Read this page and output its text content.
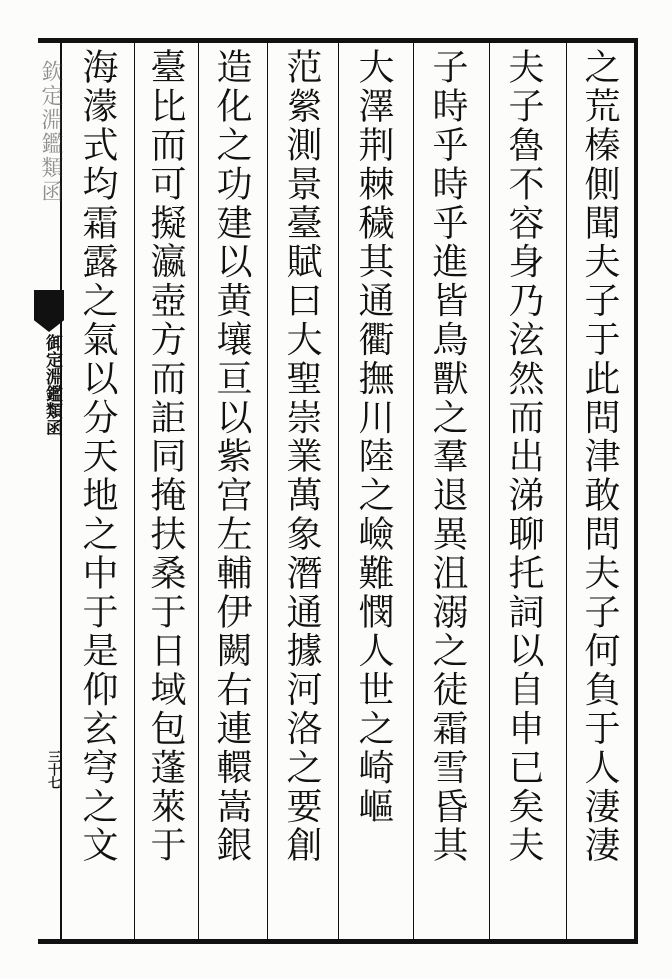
欽定淵鑑類函
御定淵鑑類函
三十七	之荒榛側聞夫子于此問津敢問夫子何負于人淒淒
夫子魯不容身乃泫然而出涕聊托詞以自申已矣夫
子時乎時乎進皆鳥獸之羣退異沮溺之徒霜雪昏其
大澤荆棘穢其通衢撫川陸之嶮難憫人世之崎嶇
范縈測景臺賦曰大聖崇業萬象潛通據河洛之要創
造化之功建以黄壤亘以紫宫左輔伊闕右連轘嵩銀
臺比而可擬瀛壺方而詎同掩扶桑于日域包蓬萊于
海濛式均霜露之氣以分天地之中于是仰玄穹之文
